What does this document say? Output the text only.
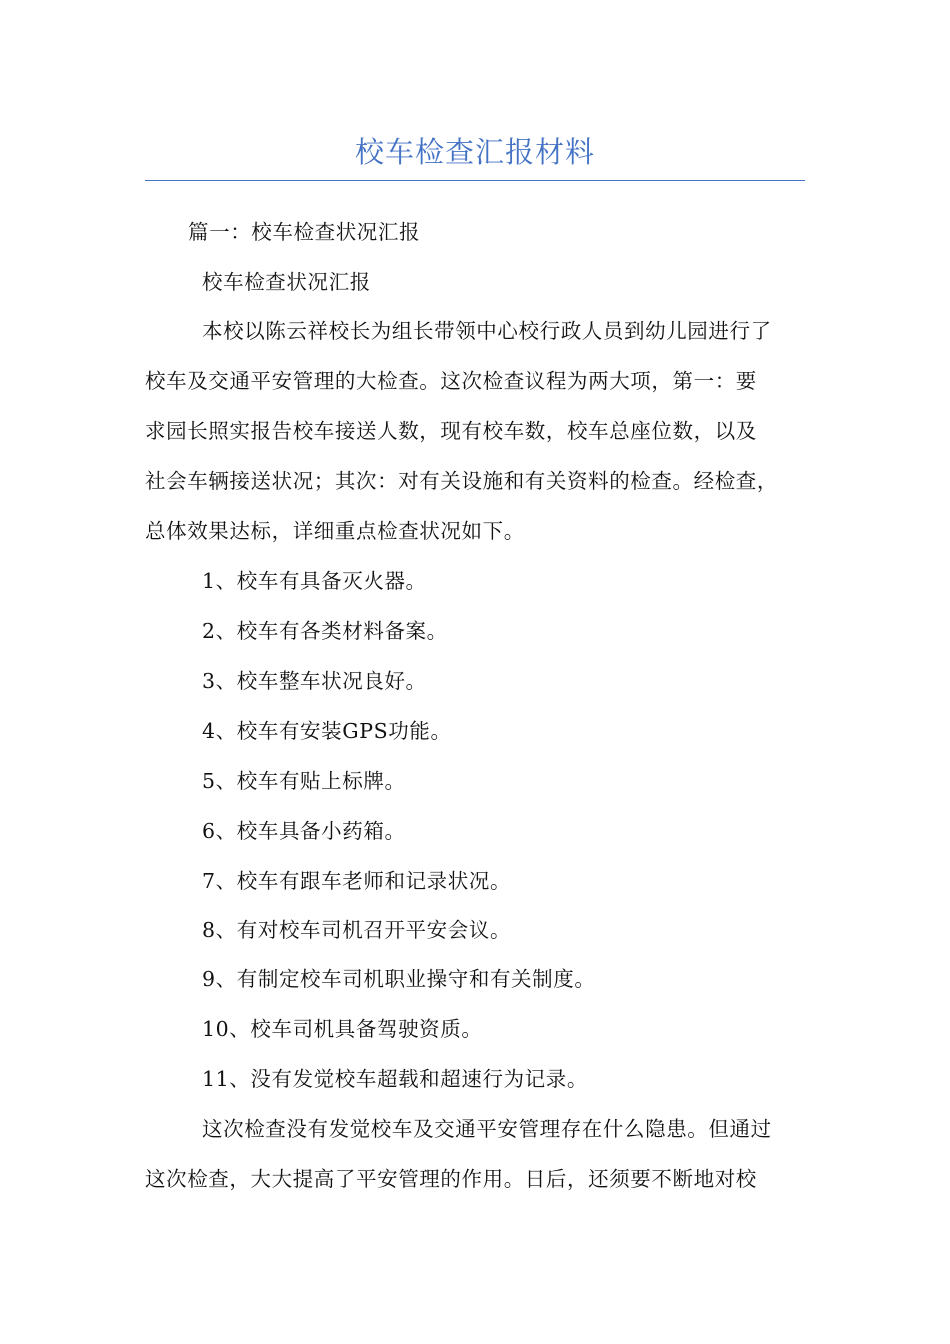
校车检查汇报材料

篇一：校车检查状况汇报

校车检查状况汇报

本校以陈云祥校长为组长带领中心校行政人员到幼儿园进行了

校车及交通平安管理的大检查。这次检查议程为两大项，第一：要

求园长照实报告校车接送人数，现有校车数，校车总座位数，以及

社会车辆接送状况；其次：对有关设施和有关资料的检查。经检查，

总体效果达标，详细重点检查状况如下。

1、校车有具备灭火器。

2、校车有各类材料备案。

3、校车整车状况良好。

4、校车有安装GPS功能。

5、校车有贴上标牌。

6、校车具备小药箱。

7、校车有跟车老师和记录状况。

8、有对校车司机召开平安会议。

9、有制定校车司机职业操守和有关制度。

10、校车司机具备驾驶资质。

11、没有发觉校车超载和超速行为记录。

这次检查没有发觉校车及交通平安管理存在什么隐患。但通过

这次检查，大大提高了平安管理的作用。日后，还须要不断地对校
